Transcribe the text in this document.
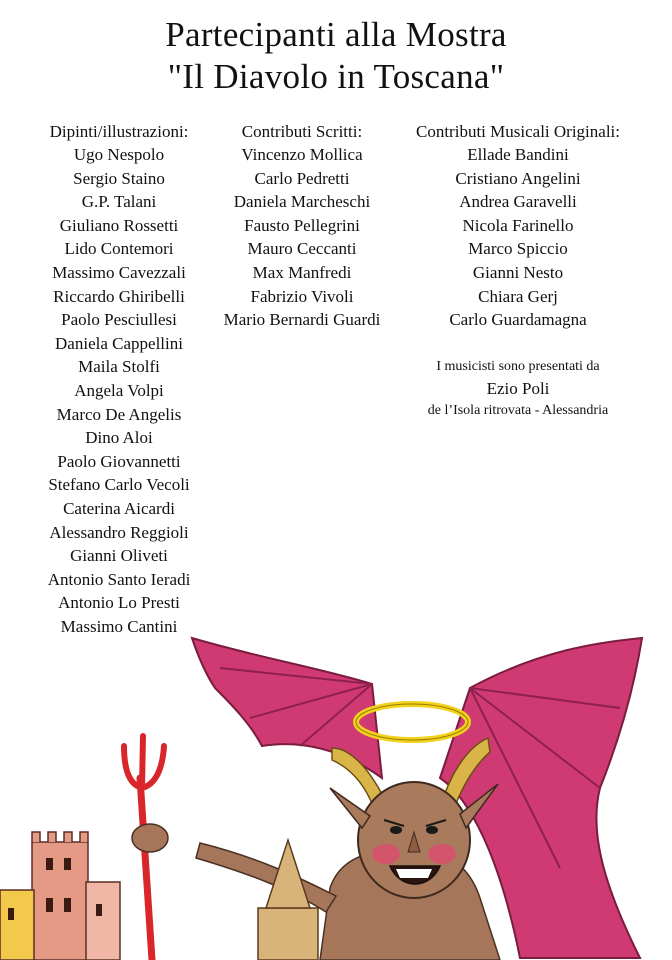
Partecipanti alla Mostra
"Il Diavolo in Toscana"
Dipinti/illustrazioni:
Ugo Nespolo
Sergio Staino
G.P. Talani
Giuliano Rossetti
Lido Contemori
Massimo Cavezzali
Riccardo Ghiribelli
Paolo Pesciullesi
Daniela Cappellini
Maila Stolfi
Angela Volpi
Marco De Angelis
Dino Aloi
Paolo Giovannetti
Stefano Carlo Vecoli
Caterina Aicardi
Alessandro Reggioli
Gianni Oliveti
Antonio Santo Ieradi
Antonio Lo Presti
Massimo Cantini
Contributi Scritti:
Vincenzo Mollica
Carlo Pedretti
Daniela Marcheschi
Fausto Pellegrini
Mauro Ceccanti
Max Manfredi
Fabrizio Vivoli
Mario Bernardi Guardi
Contributi Musicali Originali:
Ellade Bandini
Cristiano Angelini
Andrea Garavelli
Nicola Farinello
Marco Spiccio
Gianni Nesto
Chiara Gerj
Carlo Guardamagna
I musicisti sono presentati da
Ezio Poli
de l’Isola ritrovata - Alessandria
